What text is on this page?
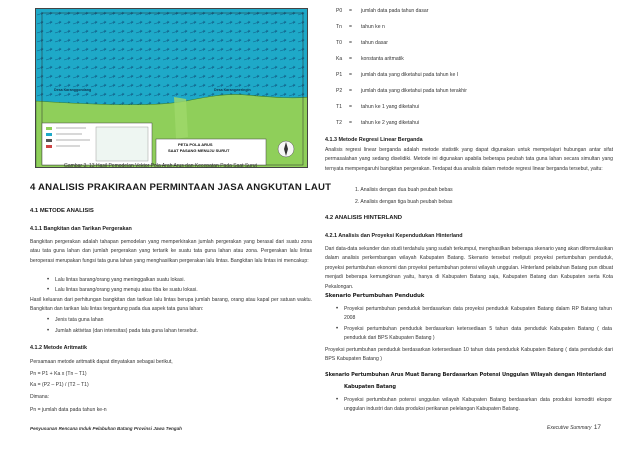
Desa Karanggondang	Desa Karangweringin
PETA POLA ARUS
SAAT PASANG MENUJU SURUT
Gambar 3. 13 Hasil Pemodelan Vektor Pola Arah Arus dan Kecepatan Pada Saat Surut
4 ANALISIS PRAKIRAAN PERMINTAAN JASA ANGKUTAN LAUT
4.1 METODE ANALISIS
4.1.1 Bangkitan dan Tarikan Pergerakan
Bangkitan pergerakan adalah tahapan pemodelan yang memperkirakan jumlah pergerakan yang berasal dari suatu zona atau tata guna lahan dan jumlah pergerakan yang tertarik ke suatu tata guna lahan atau zona. Pergerakan lalu lintas beroperasi merupakan fungsi tata guna lahan yang menghasilkan pergerakan lalu lintas. Bangkitan lalu lintas ini mencakup:
• Lalu lintas barang/orang yang meninggalkan suatu lokasi.
• Lalu lintas barang/orang yang menuju atau tiba ke suatu lokasi.
Hasil keluaran dari perhitungan bangkitan dan tarikan lalu lintas berupa jumlah barang, orang atau kapal per satuan waktu. Bangkitan dan tarikan lalu lintas tergantung pada dua aspek tata guna lahan:
• Jenis tata guna lahan
• Jumlah aktivitas (dan intensitas) pada tata guna lahan tersebut.
4.1.2 Metode Aritmatik
Persamaan metode aritmatik dapat dinyatakan sebagai berikut,
Pn = P1 + Ka x (Tn – T1)
Ka = (P2 – P1) / (T2 – T1)
Dimana:
Pn = jumlah data pada tahun ke-n
P0 = jumlah data pada tahun dasar
Tn = tahun ke n
T0 = tahun dasar
Ka = konstanta aritmatik
P1 = jumlah data yang diketahui pada tahun ke I
P2 = jumlah data yang diketahui pada tahun terakhir
T1 = tahun ke 1 yang diketahui
T2 = tahun ke 2 yang diketahui
4.1.3 Metode Regresi Linear Berganda
Analisis regresi linear berganda adalah metode statistik yang dapat digunakan untuk mempelajari hubungan antar sifat permasalahan yang sedang diselidiki. Metode ini digunakan apabila beberapa peubah tata guna lahan secara simultan yang ternyata mempengaruhi bangkitan pergerakan. Terdapat dua analisis dalam metode regresi linear berganda tersebut, yaitu:
1. Analisis dengan dua buah peubah bebas
2. Analisis dengan tiga buah peubah bebas
4.2 ANALISIS HINTERLAND
4.2.1 Analisis dan Proyeksi Kependudukan Hinterland
Dari data-data sekunder dan studi terdahulu yang sudah terkumpul, menghasilkan beberapa skenario yang akan diformulasikan dalam analisis perkembangan wilayah Kabupaten Batang. Skenario tersebut meliputi proyeksi pertumbuhan penduduk, proyeksi pertumbuhan ekonomi dan proyeksi pertumbuhan potensi wilayah unggulan. Hinterland pelabuhan Batang pun dibuat menjadi beberapa kemungkinan yaitu, hanya di Kabupaten Batang saja, Kabupaten Batang dan Kabupaten serta Kota Pekalongan.
Skenario Pertumbuhan Penduduk
• Proyeksi pertumbuhan penduduk berdasarkan data proyeksi penduduk Kabupaten Batang dalam RP Batang tahun 2008
• Proyeksi pertumbuhan penduduk berdasarkan ketersediaan 5 tahun data penduduk Kabupaten Batang ( data penduduk dari BPS Kabupaten Batang )
Proyeksi pertumbuhan penduduk berdasarkan ketersediaan 10 tahun data penduduk Kabupaten Batang ( data penduduk dari BPS Kabupaten Batang )
Skenario Pertumbuhan Arus Muat Barang Berdasarkan Potensi Unggulan Wilayah dengan Hinterland
Kabupaten Batang
• Proyeksi pertumbuhan potensi unggulan wilayah Kabupaten Batang berdasarkan data produksi komoditi ekspor unggulan industri dan data produksi perikanan pelelangan Kabupaten Batang.
Penyusunan Rencana Induk Pelabuhan Batang Provinsi Jawa Tengah	Executive Summary 17
